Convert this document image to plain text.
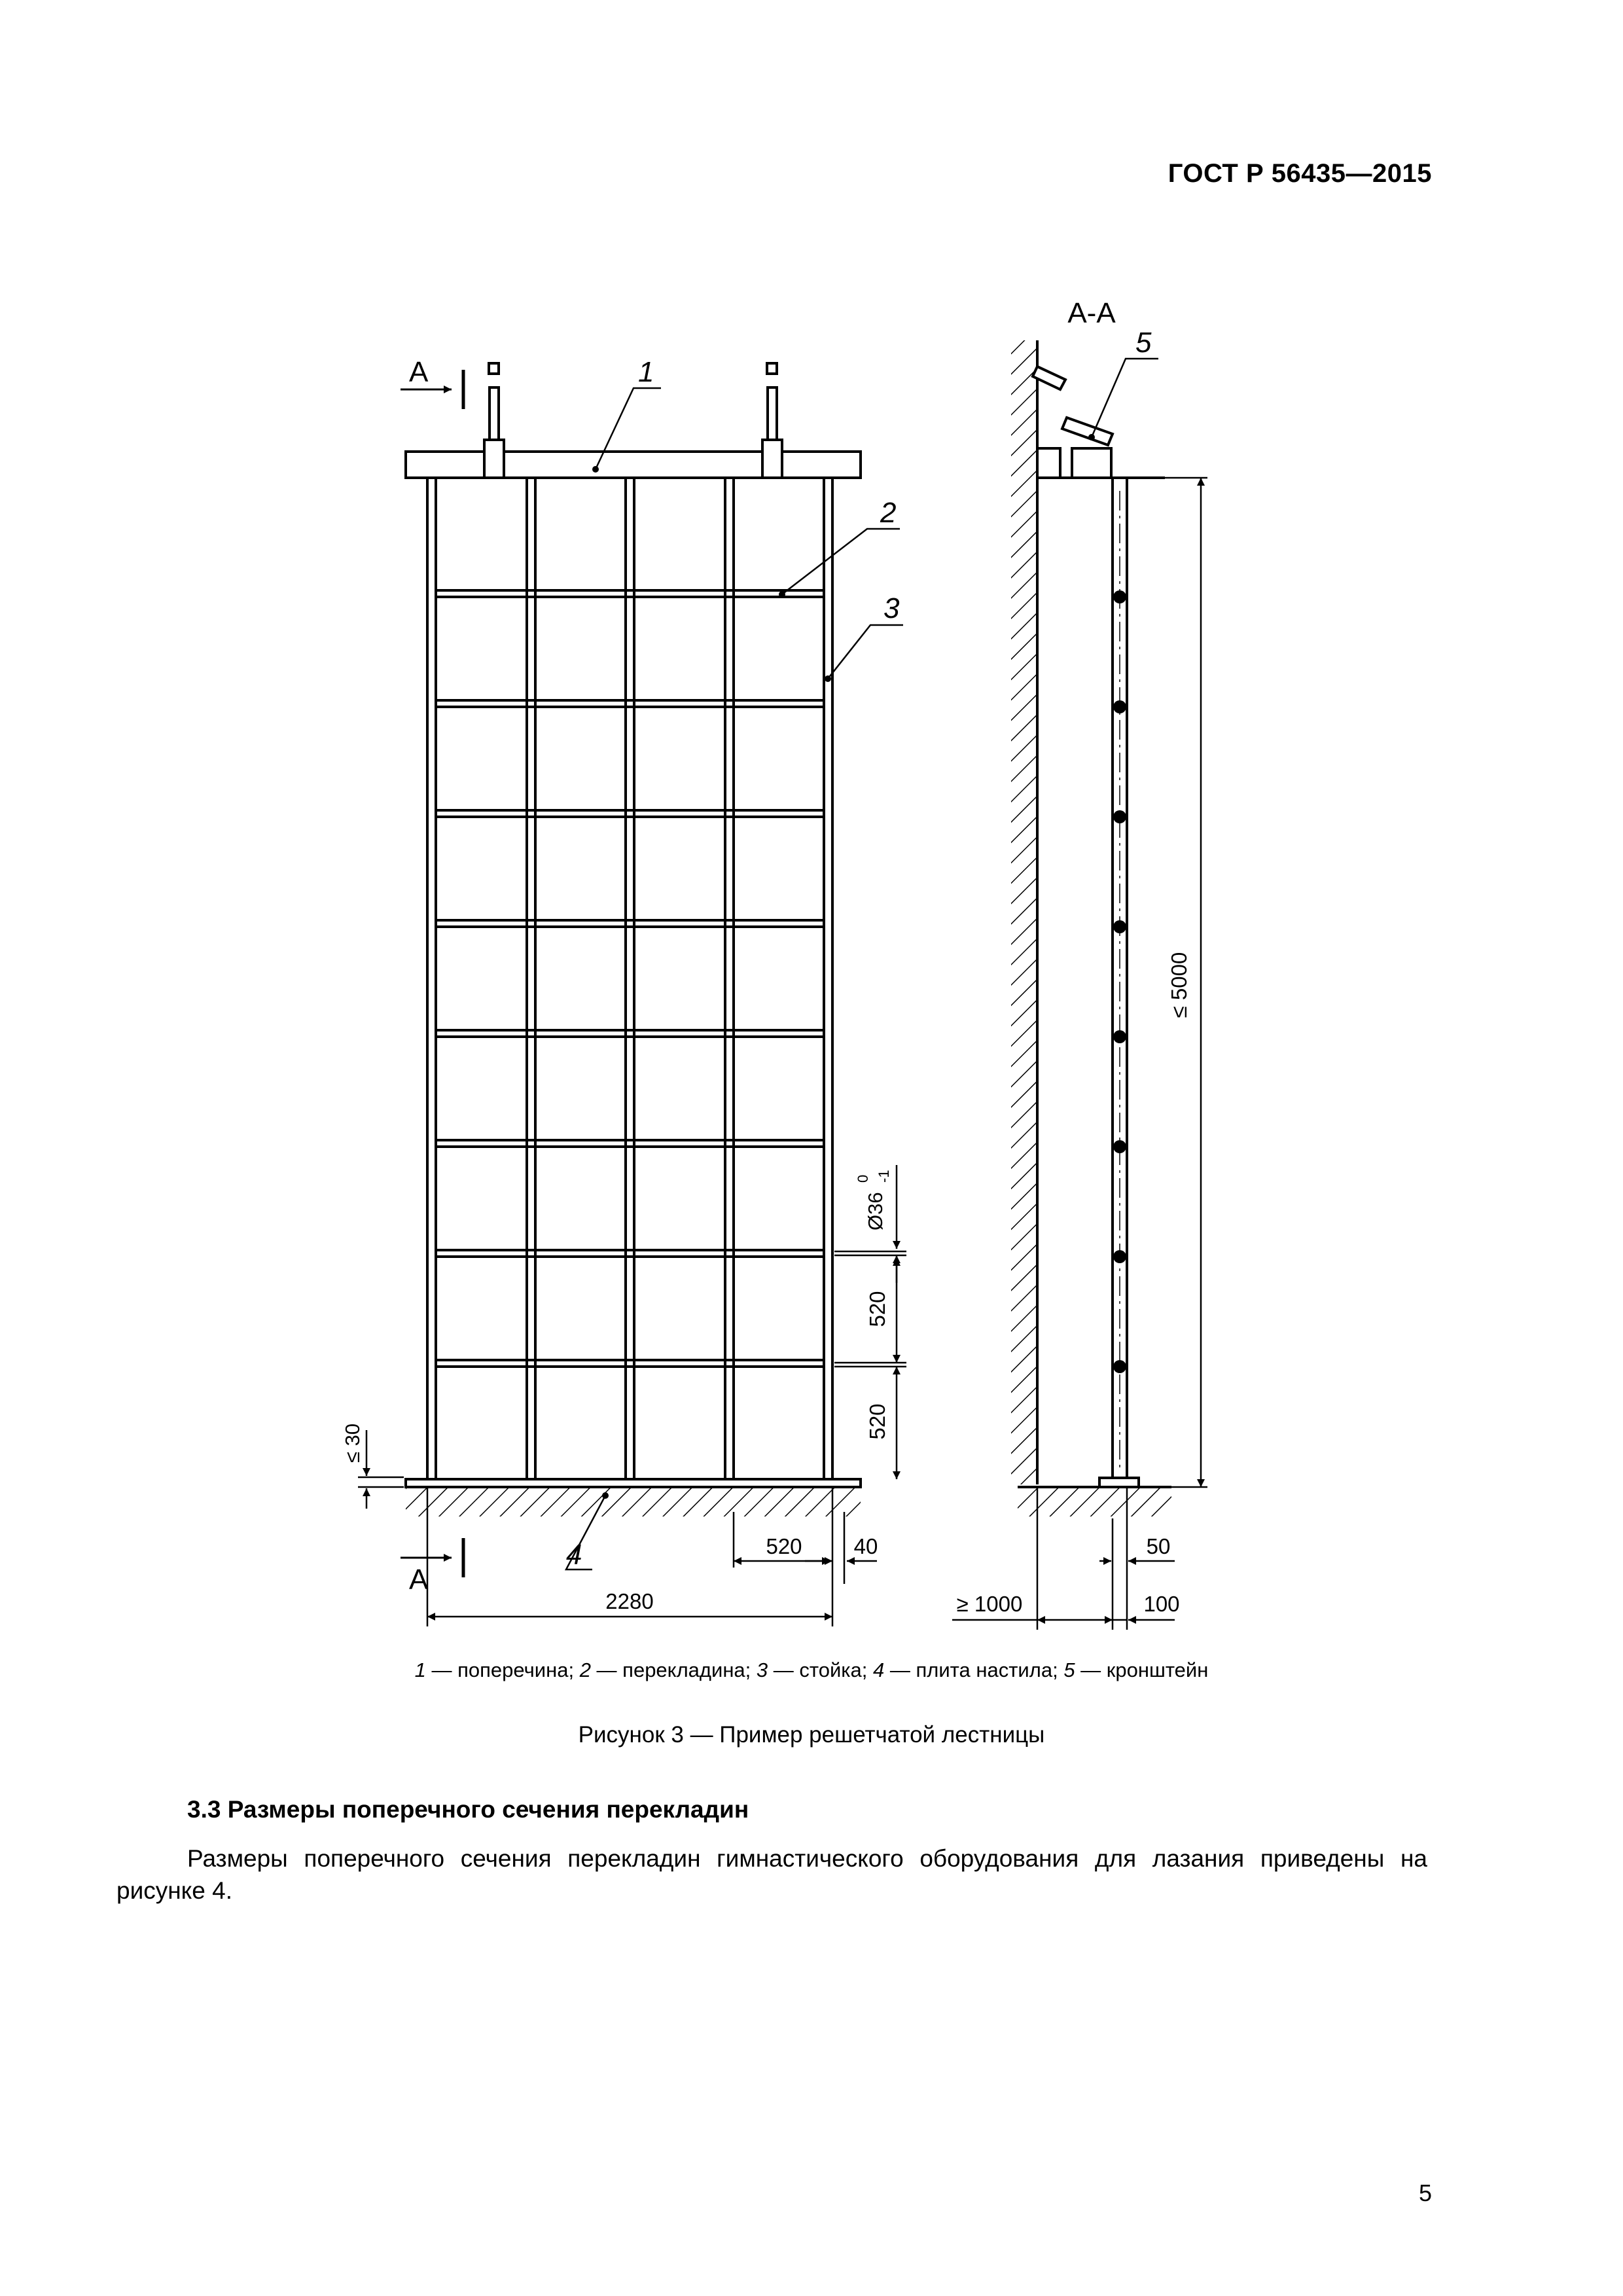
ГОСТ Р 56435—2015
1
2
3
4
А
А
Ø36
0 -1
520
520
≤ 30
520 40
2280
А-А
5
≤ 5000
50
100
≥ 1000
1 — поперечина; 2 — перекладина; 3 — стойка; 4 — плита настила; 5 — кронштейн
Рисунок 3 — Пример решетчатой лестницы
3.3 Размеры поперечного сечения перекладин
Размеры поперечного сечения перекладин гимнастического оборудования для лазания приведены на рисунке 4.
5
